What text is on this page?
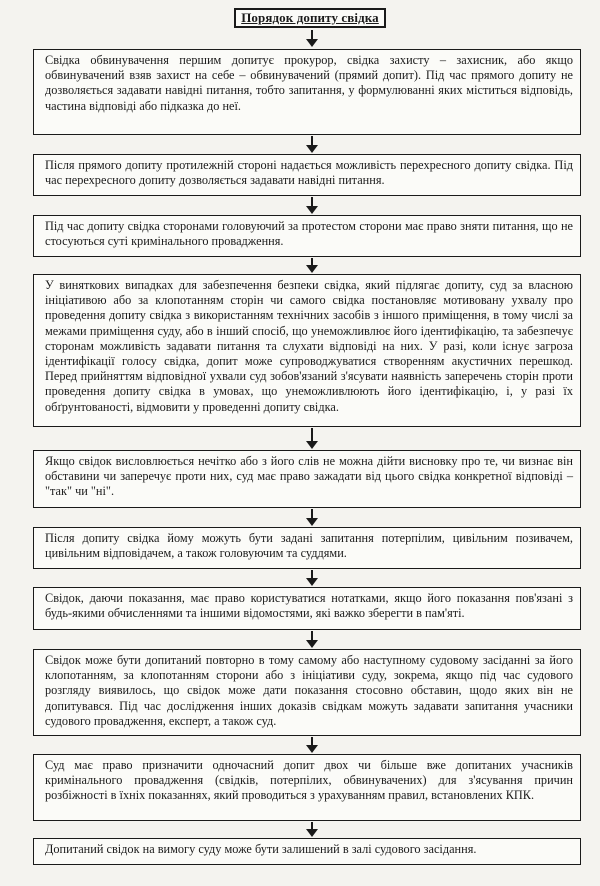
Порядок допиту свідка
Свідка обвинувачення першим допитує прокурор, свідка захисту – захисник, або якщо обвинувачений взяв захист на себе – обвинувачений (прямий допит). Під час прямого допиту не дозволяється задавати навідні питання, тобто запитання, у формулюванні яких міститься відповідь, частина відповіді або підказка до неї.
Після прямого допиту протилежній стороні надається можливість перехресного допиту свідка. Під час перехресного допиту дозволяється задавати навідні питання.
Під час допиту свідка сторонами головуючий за протестом сторони має право зняти питання, що не стосуються суті кримінального провадження.
У виняткових випадках для забезпечення безпеки свідка, який підлягає допиту, суд за власною ініціативою або за клопотанням сторін чи самого свідка постановляє мотивовану ухвалу про проведення допиту свідка з використанням технічних засобів з іншого приміщення, в тому числі за межами приміщення суду, або в інший спосіб, що унеможливлює його ідентифікацію, та забезпечує сторонам можливість задавати питання та слухати відповіді на них. У разі, коли існує загроза ідентифікації голосу свідка, допит може супроводжуватися створенням акустичних перешкод. Перед прийняттям відповідної ухвали суд зобов'язаний з'ясувати наявність заперечень сторін проти проведення допиту свідка в умовах, що унеможливлюють його ідентифікацію, і, у разі їх обґрунтованості, відмовити у проведенні допиту свідка.
Якщо свідок висловлюється нечітко або з його слів не можна дійти висновку про те, чи визнає він обставини чи заперечує проти них, суд має право зажадати від цього свідка конкретної відповіді – "так" чи "ні".
Після допиту свідка йому можуть бути задані запитання потерпілим, цивільним позивачем, цивільним відповідачем, а також головуючим та суддями.
Свідок, даючи показання, має право користуватися нотатками, якщо його показання пов'язані з будь-якими обчисленнями та іншими відомостями, які важко зберегти в пам'яті.
Свідок може бути допитаний повторно в тому самому або наступному судовому засіданні за його клопотанням, за клопотанням сторони або з ініціативи суду, зокрема, якщо під час судового розгляду виявилось, що свідок може дати показання стосовно обставин, щодо яких він не допитувався. Під час дослідження інших доказів свідкам можуть задавати запитання учасники судового провадження, експерт, а також суд.
Суд має право призначити одночасний допит двох чи більше вже допитаних учасників кримінального провадження (свідків, потерпілих, обвинувачених) для з'ясування причин розбіжності в їхніх показаннях, який проводиться з урахуванням правил, встановлених КПК.
Допитаний свідок на вимогу суду може бути залишений в залі судового засідання.
